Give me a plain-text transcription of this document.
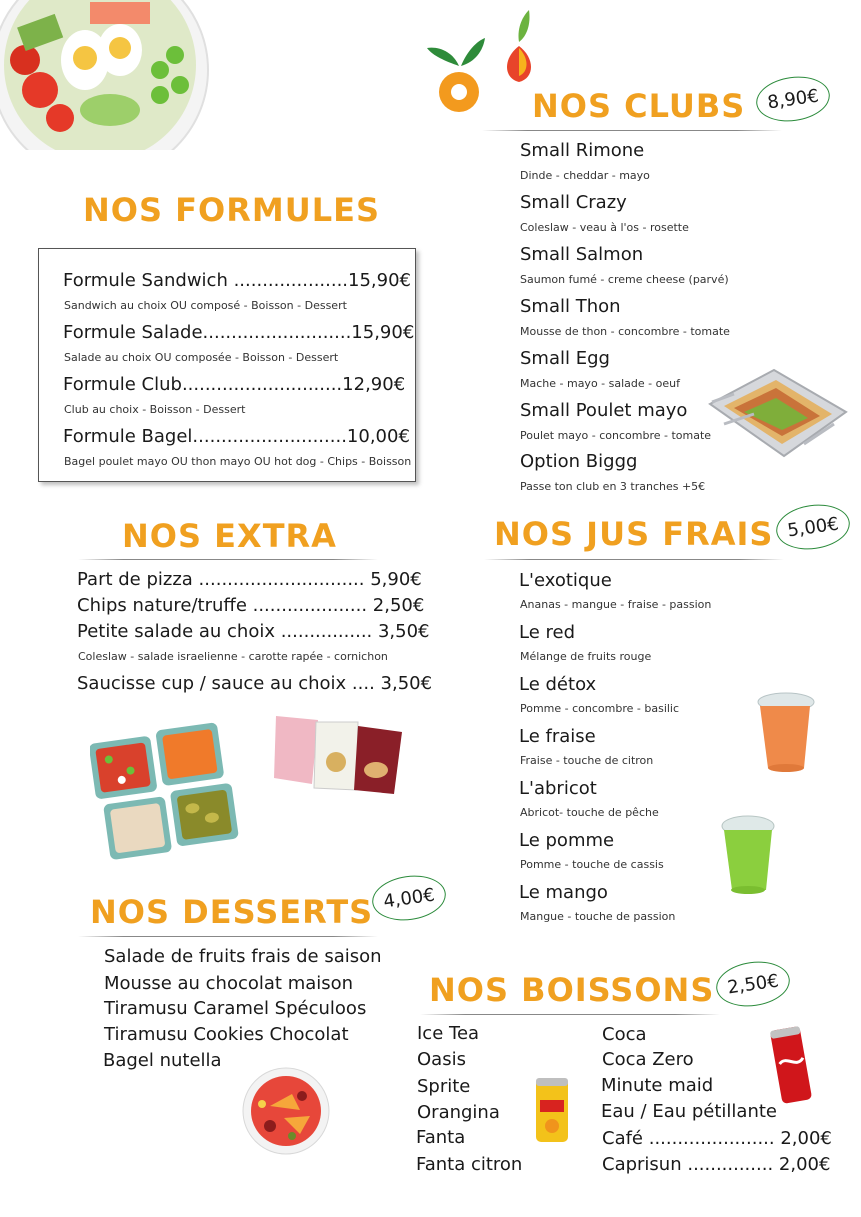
NOS CLUBS	8,90€
Small Rimone
Dinde - cheddar - mayo
Small Crazy
Coleslaw - veau à l'os - rosette
Small Salmon
Saumon fumé - creme cheese (parvé)
Small Thon
Mousse de thon - concombre - tomate
Small Egg
Mache - mayo - salade - oeuf
Small Poulet mayo
Poulet mayo - concombre - tomate
Option Biggg
Passe ton club en 3 tranches +5€
NOS FORMULES
Formule Sandwich ....................15,90€
Sandwich au choix OU composé - Boisson - Dessert
Formule Salade..........................15,90€
Salade au choix OU composée - Boisson - Dessert
Formule Club............................12,90€
Club au choix - Boisson - Dessert
Formule Bagel...........................10,00€
Bagel poulet mayo OU thon mayo OU hot dog - Chips - Boisson
NOS EXTRA
Part de pizza ............................. 5,90€
Chips nature/truffe .................... 2,50€
Petite salade au choix ................ 3,50€
Coleslaw - salade israelienne - carotte rapée - cornichon
Saucisse cup / sauce au choix .... 3,50€
NOS JUS FRAIS 5,00€
L'exotique
Ananas - mangue - fraise - passion
Le red
Mélange de fruits rouge
Le détox
Pomme - concombre - basilic
Le fraise
Fraise - touche de citron
L'abricot
Abricot- touche de pêche
Le pomme
Pomme - touche de cassis
Le mango
Mangue - touche de passion
NOS DESSERTS 4,00€
Salade de fruits frais de saison
Mousse au chocolat maison
Tiramusu Caramel Spéculoos
Tiramusu Cookies Chocolat
Bagel nutella
NOS BOISSONS 2,50€
Ice Tea
Oasis
Sprite
Orangina
Fanta
Fanta citron
Coca
Coca Zero
Minute maid
Eau / Eau pétillante
Café ...................... 2,00€
Caprisun ............... 2,00€
